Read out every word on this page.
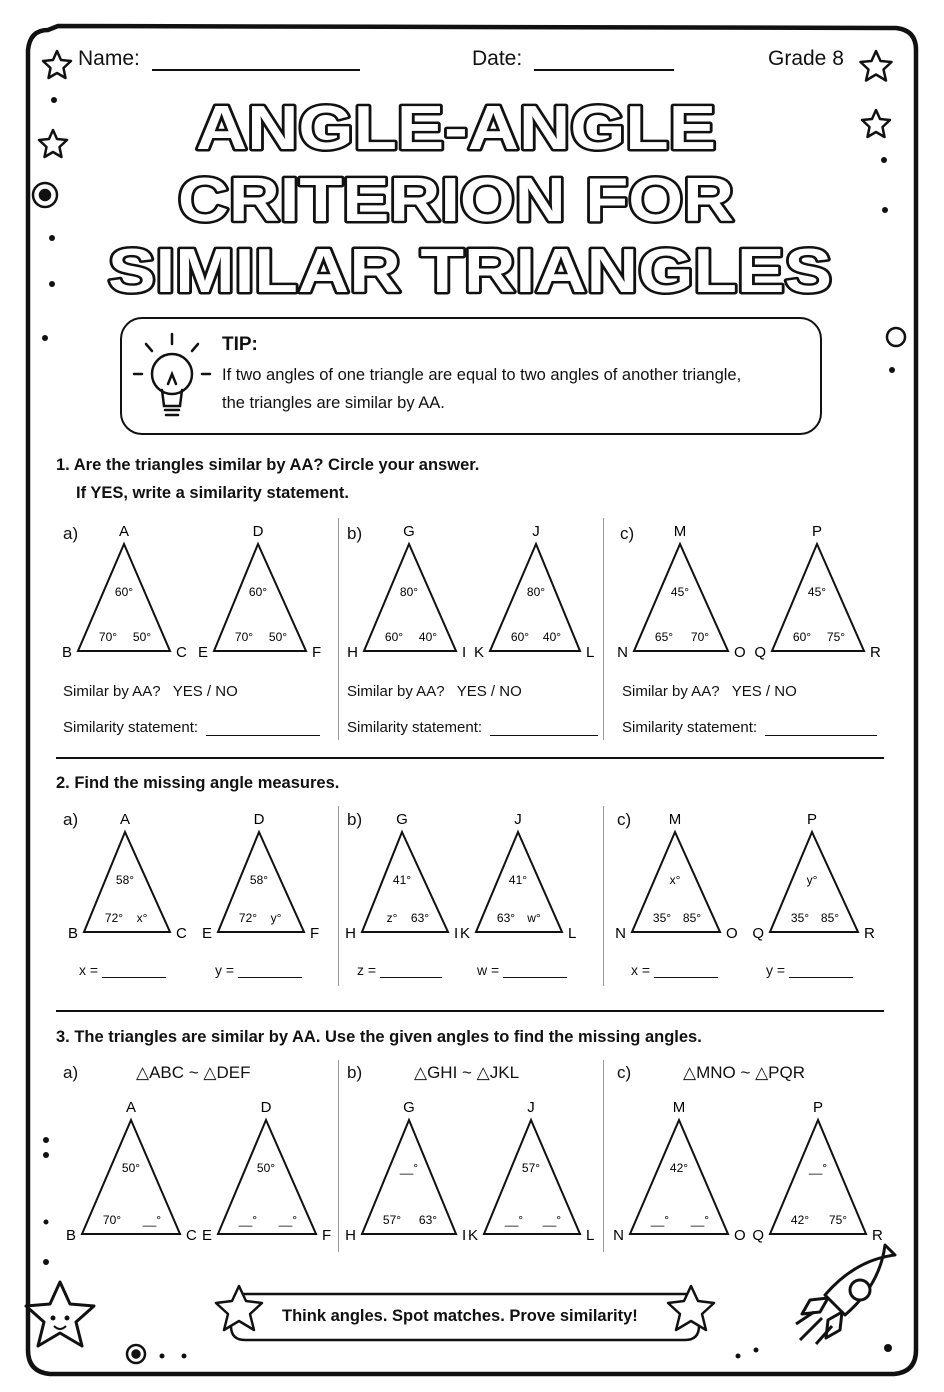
Name:	Date:	Grade 8
ANGLE-ANGLE
CRITERION FOR
SIMILAR TRIANGLES
TIP:
If two angles of one triangle are equal to two angles of another triangle,
the triangles are similar by AA.
1. Are the triangles similar by AA? Circle your answer.
If YES, write a similarity statement.
a)	b)	c)
A
B	C
60°
70° 50°
D
E	F
60°
70° 50°
G
H	I
80°
60° 40°
J
K	L
80°
60° 40°
M
N	O
45°
65° 70°
P
Q	R
45°
60° 75°
A
B	C
58°
72° x°
D
E	F
58°
72° y°
G
H	I
41°
z° 63°
J
K	L
41°
63° w°
M
N	O
x°
35° 85°
P
Q	R
y°
35° 85°
A
B	C
50°
70° __°
D
E	F
50°
__° __°
G
H	I
__°
57° 63°
J
K	L
57°
__° __°
M
N	O
42°
__° __°
P
Q	R
__°
42° 75°
Similar by AA? YES / NO	Similar by AA? YES / NO	Similar by AA? YES / NO
Similarity statement:	Similarity statement:	Similarity statement:
2. Find the missing angle measures.
a)	b)	c)
x =	y =	z =	w =	x =	y =
3. The triangles are similar by AA. Use the given angles to find the missing angles.
a)	b)	c)
△ABC ~ △DEF	△GHI ~ △JKL	△MNO ~ △PQR
Think angles. Spot matches. Prove similarity!
